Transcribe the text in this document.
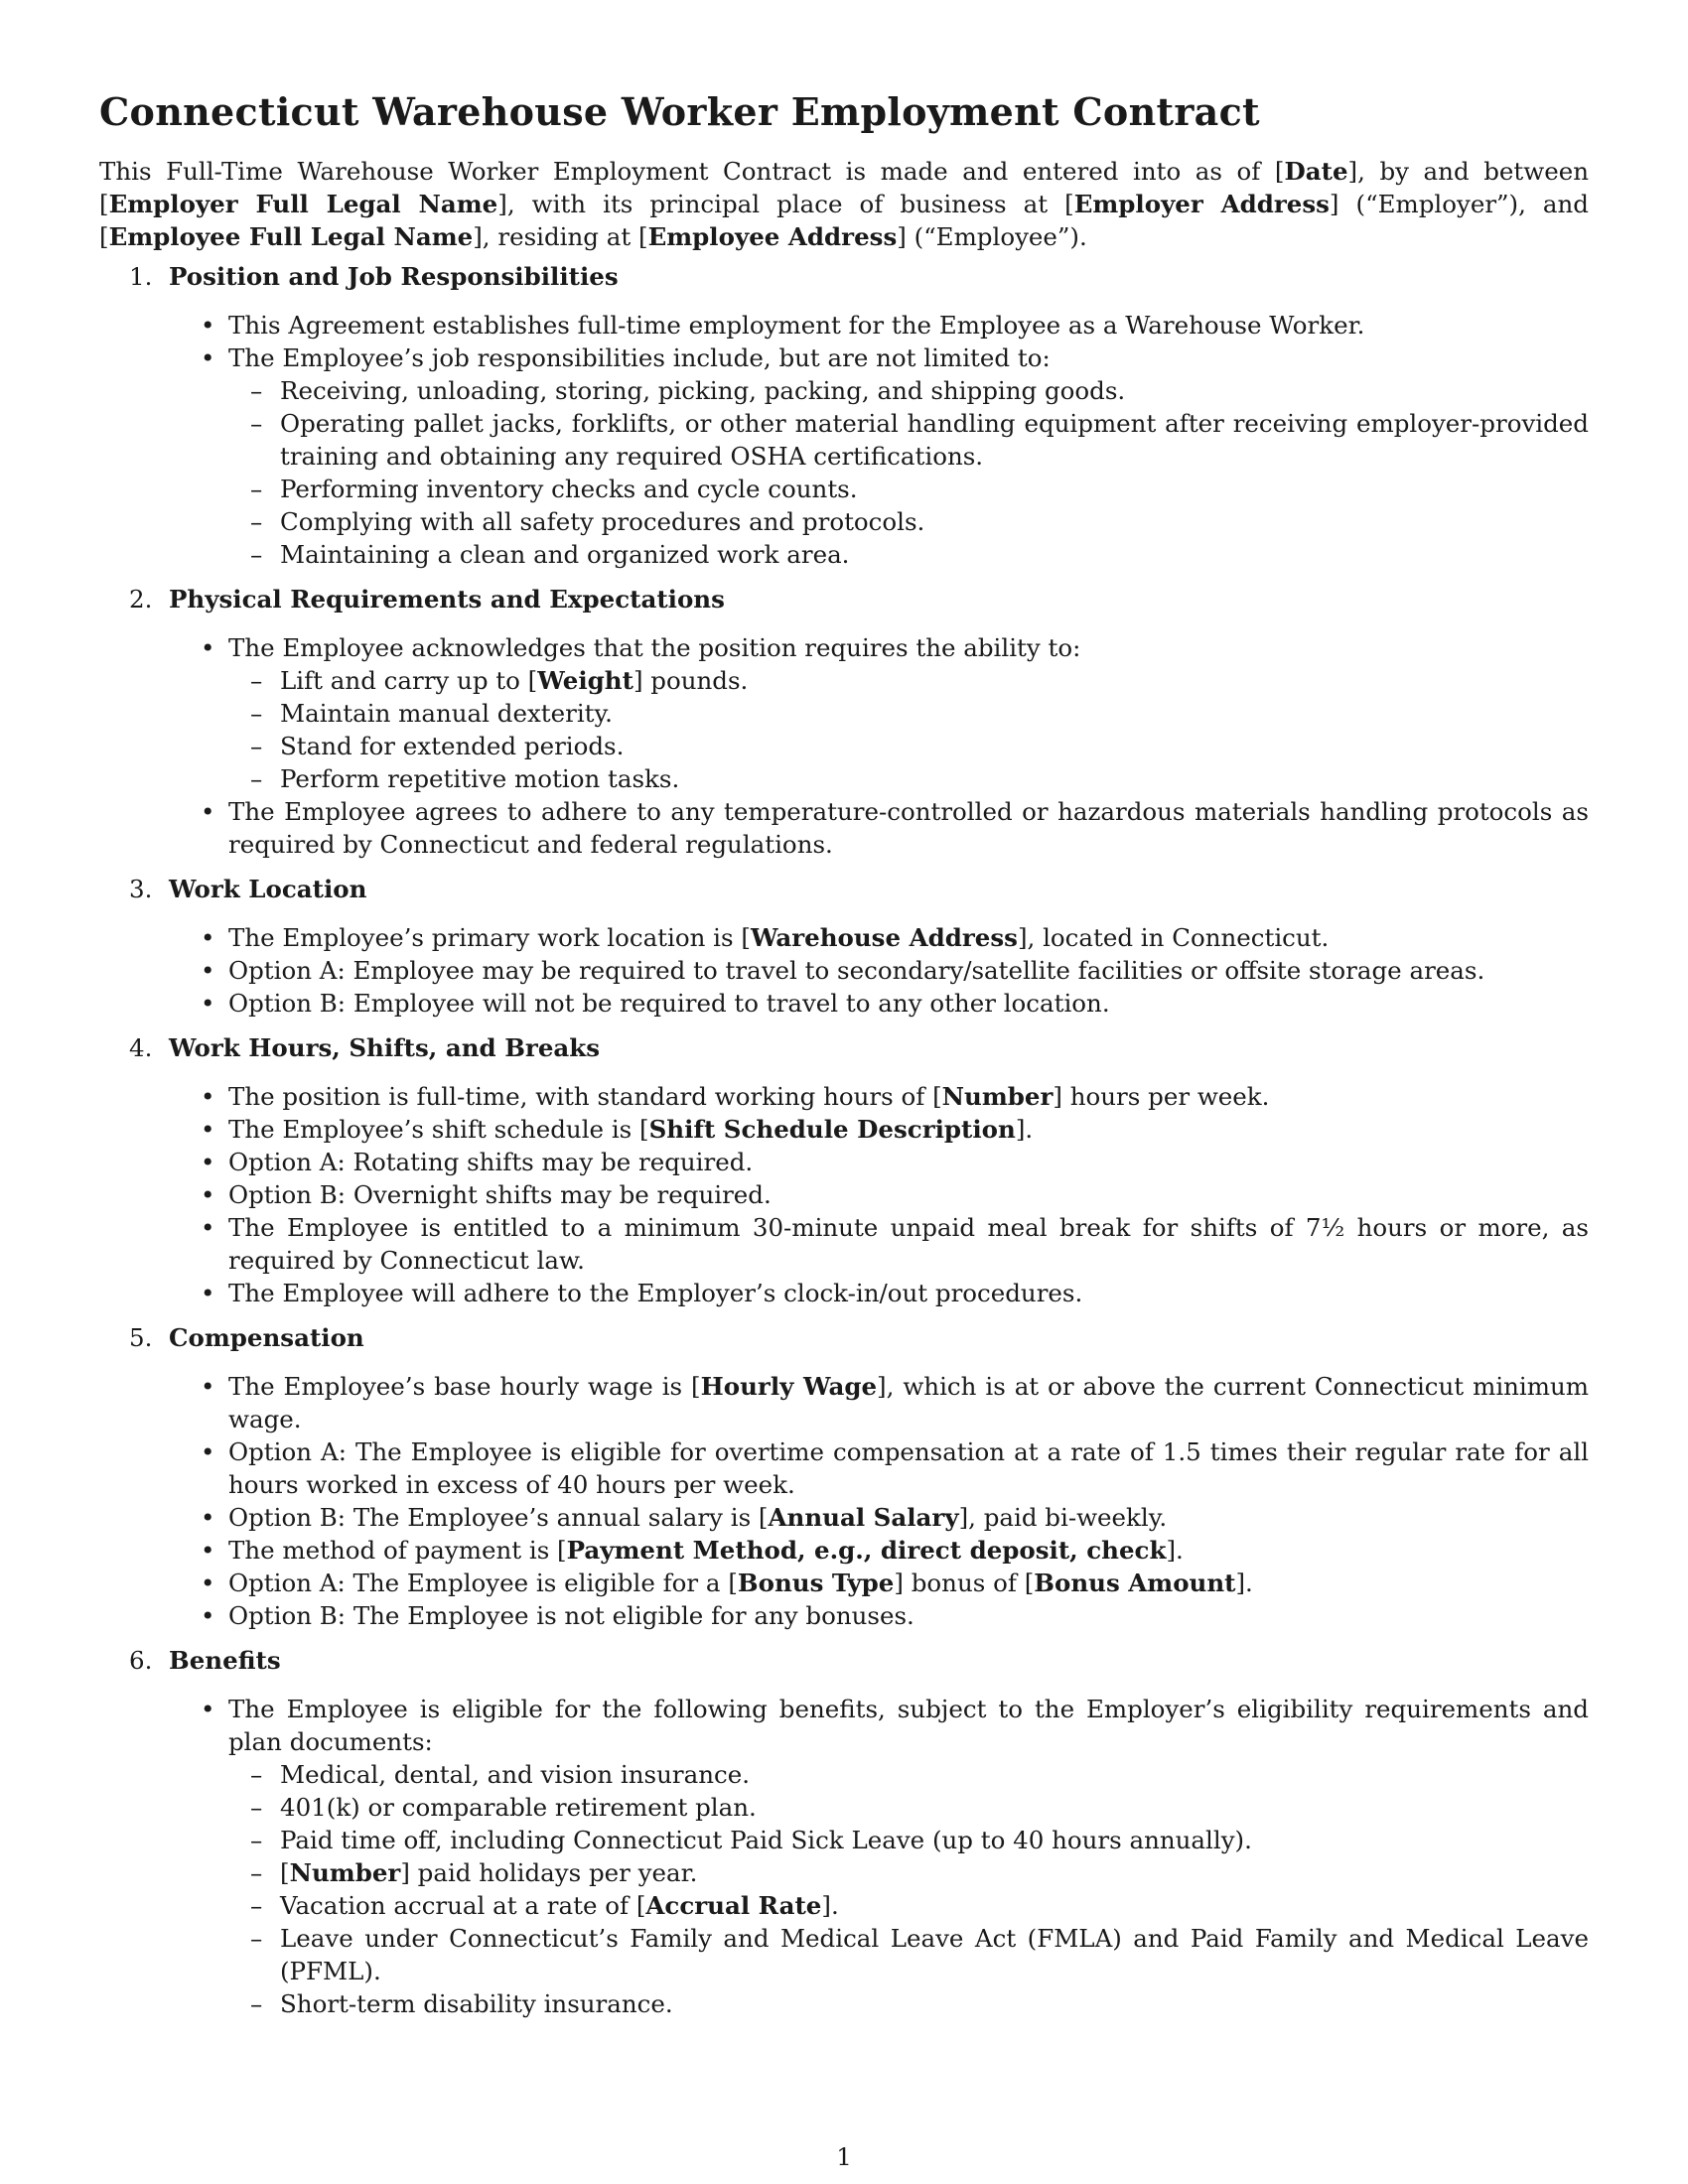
Connecticut Warehouse Worker Employment Contract

This Full-Time Warehouse Worker Employment Contract is made and entered into as of [Date], by and between [Employer Full Legal Name], with its principal place of business at [Employer Address] (“Employer”), and [Employee Full Legal Name], residing at [Employee Address] (“Employee”).

1. Position and Job Responsibilities
• This Agreement establishes full-time employment for the Employee as a Warehouse Worker.
• The Employee’s job responsibilities include, but are not limited to:
– Receiving, unloading, storing, picking, packing, and shipping goods.
– Operating pallet jacks, forklifts, or other material handling equipment after receiving employer-provided training and obtaining any required OSHA certifications.
– Performing inventory checks and cycle counts.
– Complying with all safety procedures and protocols.
– Maintaining a clean and organized work area.
2. Physical Requirements and Expectations
• The Employee acknowledges that the position requires the ability to:
– Lift and carry up to [Weight] pounds.
– Maintain manual dexterity.
– Stand for extended periods.
– Perform repetitive motion tasks.
• The Employee agrees to adhere to any temperature-controlled or hazardous materials handling protocols as required by Connecticut and federal regulations.
3. Work Location
• The Employee’s primary work location is [Warehouse Address], located in Connecticut.
• Option A: Employee may be required to travel to secondary/satellite facilities or offsite storage areas.
• Option B: Employee will not be required to travel to any other location.
4. Work Hours, Shifts, and Breaks
• The position is full-time, with standard working hours of [Number] hours per week.
• The Employee’s shift schedule is [Shift Schedule Description].
• Option A: Rotating shifts may be required.
• Option B: Overnight shifts may be required.
• The Employee is entitled to a minimum 30-minute unpaid meal break for shifts of 7½ hours or more, as required by Connecticut law.
• The Employee will adhere to the Employer’s clock-in/out procedures.
5. Compensation
• The Employee’s base hourly wage is [Hourly Wage], which is at or above the current Connecticut minimum wage.
• Option A: The Employee is eligible for overtime compensation at a rate of 1.5 times their regular rate for all hours worked in excess of 40 hours per week.
• Option B: The Employee’s annual salary is [Annual Salary], paid bi-weekly.
• The method of payment is [Payment Method, e.g., direct deposit, check].
• Option A: The Employee is eligible for a [Bonus Type] bonus of [Bonus Amount].
• Option B: The Employee is not eligible for any bonuses.
6. Benefits
• The Employee is eligible for the following benefits, subject to the Employer’s eligibility requirements and plan documents:
– Medical, dental, and vision insurance.
– 401(k) or comparable retirement plan.
– Paid time off, including Connecticut Paid Sick Leave (up to 40 hours annually).
– [Number] paid holidays per year.
– Vacation accrual at a rate of [Accrual Rate].
– Leave under Connecticut’s Family and Medical Leave Act (FMLA) and Paid Family and Medical Leave (PFML).
– Short-term disability insurance.
1
